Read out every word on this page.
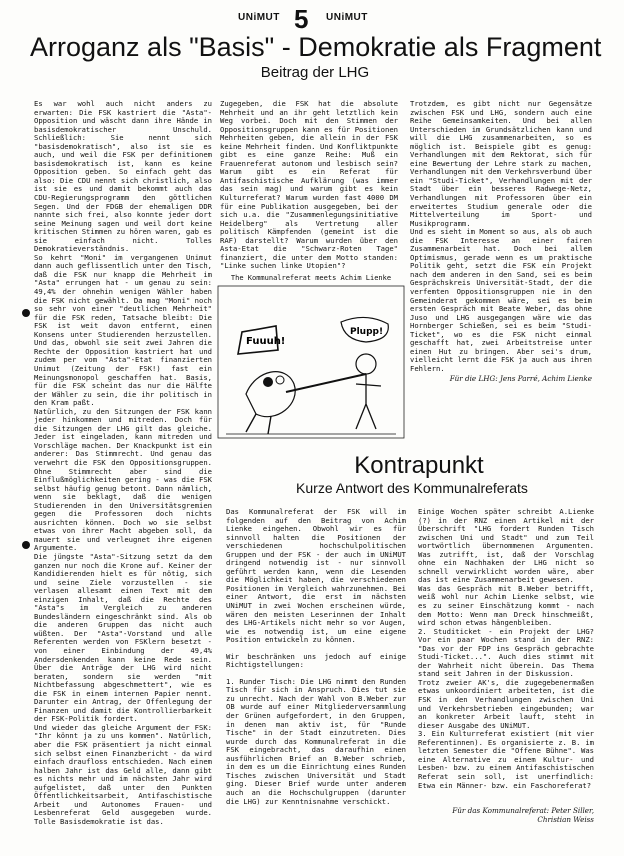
UNiMUT 5 UNiMUT
Arroganz als "Basis" - Demokratie als Fragment
Beitrag der LHG

Es war wohl auch nicht anders zu erwarten: Die FSK kastriert die "Asta"-Opposition und wäscht dann ihre Hände in basisdemokratischer Unschuld. Schließlich: Sie nennt sich "basisdemokratisch", also ist sie es auch, und weil die FSK per definitionem basisdemokratisch ist, kann es keine Opposition geben. So einfach geht das also: Die CDU nennt sich christlich, also ist sie es und damit bekommt auch das CDU-Regierungsprogramm den göttlichen Segen. Und der FDGB der ehemaligen DDR nannte sich frei, also konnte jeder dort seine Meinung sagen und weil dort keine kritischen Stimmen zu hören waren, gab es sie einfach nicht. Tolles Demokratieverständnis.

So kehrt "Moni" im vergangenen Unimut dann auch geflissentlich unter den Tisch, daß die FSK nur knapp die Mehrheit im "Asta" errungen hat - um genau zu sein: 49,4% der ohnehin wenigen Wähler haben die FSK nicht gewählt. Da mag "Moni" noch so sehr von einer "deutlichen Mehrheit" für die FSK reden, Tatsache bleibt: Die FSK ist weit davon entfernt, einen Konsens unter Studierenden herzustellen. Und das, obwohl sie seit zwei Jahren die Rechte der Opposition kastriert hat und zudem per vom "Asta"-Etat finanzierten Unimut (Zeitung der FSK!) fast ein Meinungsmonopol geschaffen hat. Basis, für die FSK scheint das nur die Hälfte der Wähler zu sein, die ihr politisch in den Kram paßt.

Natürlich, zu den Sitzungen der FSK kann jeder hinkommen und mitreden. Doch für die Sitzungen der LHG gilt das gleiche. Jeder ist eingeladen, kann mitreden und Vorschläge machen. Der Knackpunkt ist ein anderer: Das Stimmrecht. Und genau das verwehrt die FSK den Oppositionsgruppen. Ohne Stimmrecht aber sind die Einflußmöglichkeiten gering - was die FSK selbst häufig genug betont. Dann nämlich, wenn sie beklagt, daß die wenigen Studierenden in den Universitätsgremien gegen die Professoren doch nichts ausrichten können. Doch wo sie selbst etwas von ihrer Macht abgeben soll, da mauert sie und verleugnet ihre eigenen Argumente.

Die jüngste "Asta"-Sitzung setzt da dem ganzen nur noch die Krone auf. Keiner der Kandidierenden hielt es für nötig, sich und seine Ziele vorzustellen - sie verlasen allesamt einen Text mit dem einzigen Inhalt, daß die Rechte des "Asta"s im Vergleich zu anderen Bundesländern eingeschränkt sind. Als ob die anderen Gruppen das nicht auch wüßten. Der "Asta"-Vorstand und alle Referenten werden von FSKlern besetzt - von einer Einbindung der 49,4% Andersdenkenden kann keine Rede sein. Über die Anträge der LHG wird nicht beraten, sondern sie werden "mit Nichtbefassung abgeschmettert", wie es die FSK in einem internen Papier nennt. Darunter ein Antrag, der Offenlegung der Finanzen und damit die Kontrollierbarkeit der FSK-Politik fordert.

Und wieder das gleiche Argument der FSK: "Ihr könnt ja zu uns kommen". Natürlich, aber die FSK präsentiert ja nicht einmal sich selbst einen Finanzbericht - da wird einfach draufloss entschieden. Nach einem halben Jahr ist das Geld alle, dann gibt es nichts mehr und im nächsten Jahr wird aufgelistet, daß unter den Punkten Öffentlichkeitsarbeit, Antifaschistische Arbeit und Autonomes Frauen- und Lesbenreferat Geld ausgegeben wurde. Tolle Basisdemokratie ist das.

Zugegeben, die FSK hat die absolute Mehrheit und an ihr geht letztlich kein Weg vorbei. Doch mit den Stimmen der Oppositionsgruppen kann es für Positionen Mehrheiten geben, die allein in der FSK keine Mehrheit finden. Und Konfliktpunkte gibt es eine ganze Reihe: Muß ein Frauenreferat autonom und lesbisch sein? Warum gibt es ein Referat für Antifaschistische Aufklärung (was immer das sein mag) und warum gibt es kein Kulturreferat? Warum wurden fast 4000 DM für eine Publikation ausgegeben, bei der sich u.a. die "Zusammenlegungsinitiative Heidelberg" als Vertretung aller politisch Kämpfenden (gemeint ist die RAF) darstellt? Warum wurden über den Asta-Etat die "Schwarz-Roten Tage" finanziert, die unter dem Motto standen: "Linke suchen linke Utopien"?

The Kommunalreferat meets Achim Lienke
Fuuuh!
Plupp!

Trotzdem, es gibt nicht nur Gegensätze zwischen FSK und LHG, sondern auch eine Reihe Gemeinsamkeiten. Und bei allen Unterschieden im Grundsätzlichen kann und will die LHG zusammenarbeiten, so es möglich ist. Beispiele gibt es genug: Verhandlungen mit dem Rektorat, sich für eine Bewertung der Lehre stark zu machen, Verhandlungen mit dem Verkehrsverbund über ein "Studi-Ticket", Verhandlungen mit der Stadt über ein besseres Radwege-Netz, Verhandlungen mit Professoren über ein erweitertes Studium generale oder die Mittelverteilung im Sport- und Musikprogramm.

Und es sieht im Moment so aus, als ob auch die FSK Interesse an einer fairen Zusammenarbeit hat. Doch bei allem Optimismus, gerade wenn es um praktische Politik geht, setzt die FSK ein Projekt nach dem anderen in den Sand, sei es beim Gesprächskreis Universität-Stadt, der die verfemten Oppositionsgruppen nie in den Gemeinderat gekommen wäre, sei es beim ersten Gespräch mit Beate Weber, das ohne Juso und LHG ausgegangen wäre wie das Hornberger Schießen, sei es beim "Studi-Ticket", wo es die FSK nicht einmal geschafft hat, zwei Arbeitstreise unter einen Hut zu bringen. Aber sei's drum, vielleicht lernt die FSK ja auch aus ihren Fehlern.

Für die LHG: Jens Parré, Achim Lienke
Kontrapunkt
Kurze Antwort des Kommunalreferats

Das Kommunalreferat der FSK will im folgenden auf den Beitrag von Achim Lienke eingehen. Obwohl wir es für sinnvoll halten die Positionen der verschiedenen hochschulpolitischen Gruppen und der FSK - der auch im UNiMUT dringend notwendig ist - nur sinnvoll geführt werden kann, wenn die Lesenden die Möglichkeit haben, die verschiedenen Positionen im Vergleich wahrzunehmen. Bei einer Antwort, die erst im nächsten UNiMUT in zwei Wochen erscheinen würde, wären den meisten Leserinnen der Inhalt des LHG-Artikels nicht mehr so vor Augen, wie es notwendig ist, um eine eigene Position entwickeln zu können.

Wir beschränken uns jedoch auf einige Richtigstellungen:

1. Runder Tisch: Die LHG nimmt den Runden Tisch für sich in Anspruch. Dies tut sie zu unrecht. Nach der Wahl von B.Weber zur OB wurde auf einer Mitgliederversammlung der Grünen aufgefordert, in den Gruppen, in denen man aktiv ist, für "Runde Tische" in der Stadt einzutreten. Dies wurde durch das Kommunalreferat in die FSK eingebracht, das daraufhin einen ausführlichen Brief an B.Weber schrieb, in dem es um die Einrichtung eines Runden Tisches zwischen Universität und Stadt ging. Dieser Brief wurde unter anderem auch an die Hochschulgruppen (darunter die LHG) zur Kenntnisnahme verschickt.

Einige Wochen später schreibt A.Lienke (?) in der RNZ einen Artikel mit der Überschrift "LHG fordert Runden Tisch zwischen Uni und Stadt" und zum Teil wortwörtlich übernommenen Argumenten. Was zutrifft, ist, daß der Vorschlag ohne ein Nachhaken der LHG nicht so schnell verwirklicht worden wäre, aber das ist eine Zusammenarbeit gewesen.

Was das Gespräch mit B.Weber betrifft, weiß wohl nur Achim Lienke selbst, wie es zu seiner Einschätzung kommt - nach dem Motto: Wenn man Dreck hinschmeißt, wird schon etwas hängenbleiben.

2. Studiticket - ein Projekt der LHG? Vor ein paar Wochen stand in der RNZ: "Das vor der FDP ins Gespräch gebrachte Studi-Ticket...". Auch dies stimmt mit der Wahrheit nicht überein. Das Thema stand seit Jahren in der Diskussion.

Trotz zweier AK's, die zugegebenermaßen etwas unkoordiniert arbeiteten, ist die FSK in den Verhandlungen zwischen Uni und Verkehrsbetrieben eingebunden; war an konkreter Arbeit lauft, steht in dieser Ausgabe des UNiMUT.

3. Ein Kulturreferat existiert (mit vier Referentinnen). Es organisierte z. B. im letzten Semester die "Offene Bühne". Was eine Alternative zu einem Kultur- und Lesben- bzw. zu einem Antifaschistischen Referat sein soll, ist unerfindlich: Etwa ein Männer- bzw. ein Faschoreferat?

Für das Kommunalreferat: Peter Siller, Christian Weiss
